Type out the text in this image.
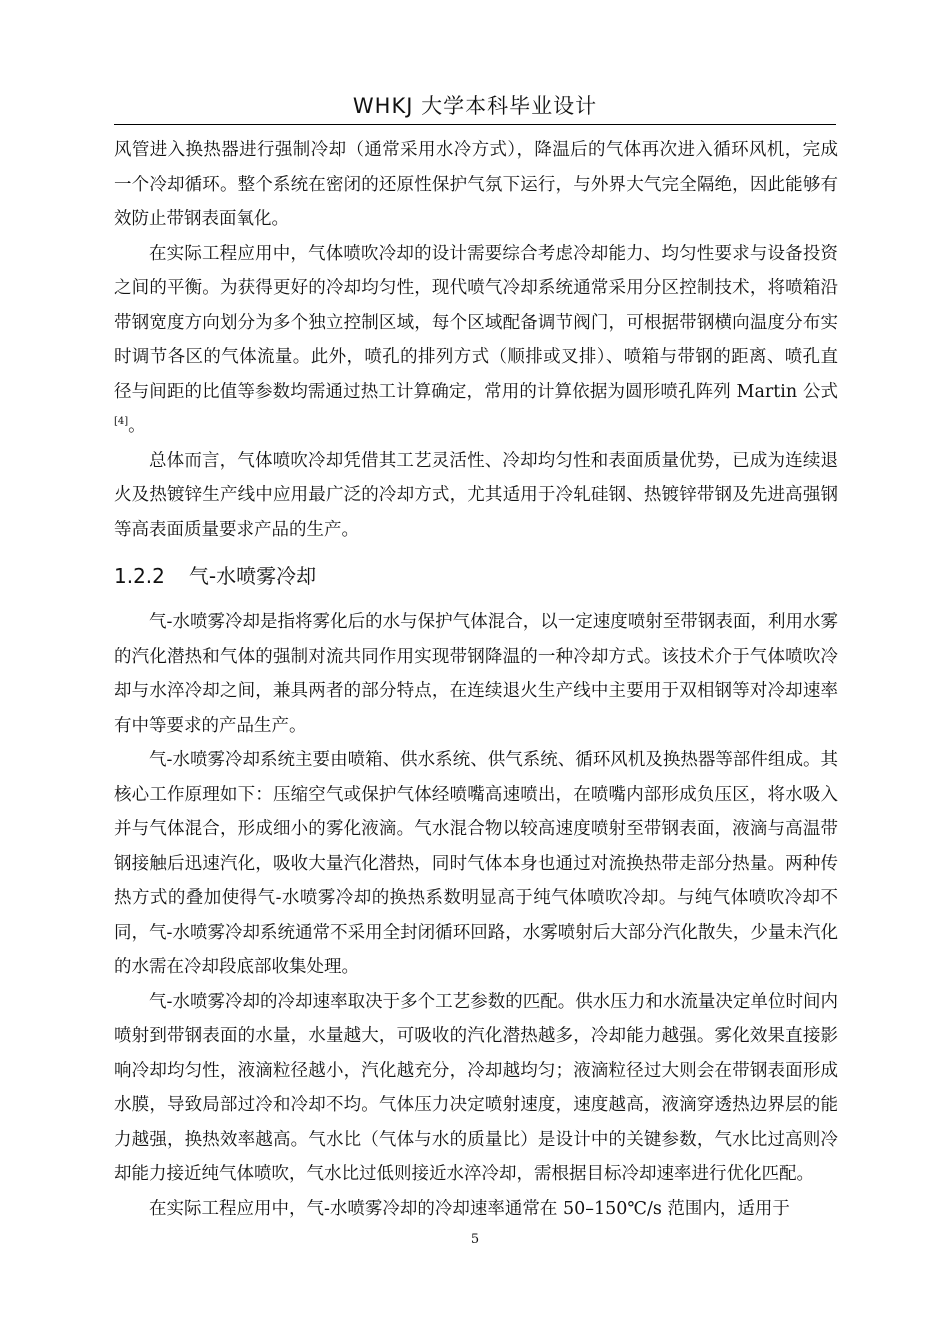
WHKJ 大学本科毕业设计

风管进入换热器进行强制冷却（通常采用水冷方式），降温后的气体再次进入循环风机，完成一个冷却循环。整个系统在密闭的还原性保护气氛下运行，与外界大气完全隔绝，因此能够有效防止带钢表面氧化。

在实际工程应用中，气体喷吹冷却的设计需要综合考虑冷却能力、均匀性要求与设备投资之间的平衡。为获得更好的冷却均匀性，现代喷气冷却系统通常采用分区控制技术，将喷箱沿带钢宽度方向划分为多个独立控制区域，每个区域配备调节阀门，可根据带钢横向温度分布实时调节各区的气体流量。此外，喷孔的排列方式（顺排或叉排）、喷箱与带钢的距离、喷孔直径与间距的比值等参数均需通过热工计算确定，常用的计算依据为圆形喷孔阵列 Martin 公式[4]。

总体而言，气体喷吹冷却凭借其工艺灵活性、冷却均匀性和表面质量优势，已成为连续退火及热镀锌生产线中应用最广泛的冷却方式，尤其适用于冷轧硅钢、热镀锌带钢及先进高强钢等高表面质量要求产品的生产。

1.2.2 气-水喷雾冷却

气-水喷雾冷却是指将雾化后的水与保护气体混合，以一定速度喷射至带钢表面，利用水雾的汽化潜热和气体的强制对流共同作用实现带钢降温的一种冷却方式。该技术介于气体喷吹冷却与水淬冷却之间，兼具两者的部分特点，在连续退火生产线中主要用于双相钢等对冷却速率有中等要求的产品生产。

气-水喷雾冷却系统主要由喷箱、供水系统、供气系统、循环风机及换热器等部件组成。其核心工作原理如下：压缩空气或保护气体经喷嘴高速喷出，在喷嘴内部形成负压区，将水吸入并与气体混合，形成细小的雾化液滴。气水混合物以较高速度喷射至带钢表面，液滴与高温带钢接触后迅速汽化，吸收大量汽化潜热，同时气体本身也通过对流换热带走部分热量。两种传热方式的叠加使得气-水喷雾冷却的换热系数明显高于纯气体喷吹冷却。与纯气体喷吹冷却不同，气-水喷雾冷却系统通常不采用全封闭循环回路，水雾喷射后大部分汽化散失，少量未汽化的水需在冷却段底部收集处理。

气-水喷雾冷却的冷却速率取决于多个工艺参数的匹配。供水压力和水流量决定单位时间内喷射到带钢表面的水量，水量越大，可吸收的汽化潜热越多，冷却能力越强。雾化效果直接影响冷却均匀性，液滴粒径越小，汽化越充分，冷却越均匀；液滴粒径过大则会在带钢表面形成水膜，导致局部过冷和冷却不均。气体压力决定喷射速度，速度越高，液滴穿透热边界层的能力越强，换热效率越高。气水比（气体与水的质量比）是设计中的关键参数，气水比过高则冷却能力接近纯气体喷吹，气水比过低则接近水淬冷却，需根据目标冷却速率进行优化匹配。

在实际工程应用中，气-水喷雾冷却的冷却速率通常在 50–150℃/s 范围内，适用于

5
